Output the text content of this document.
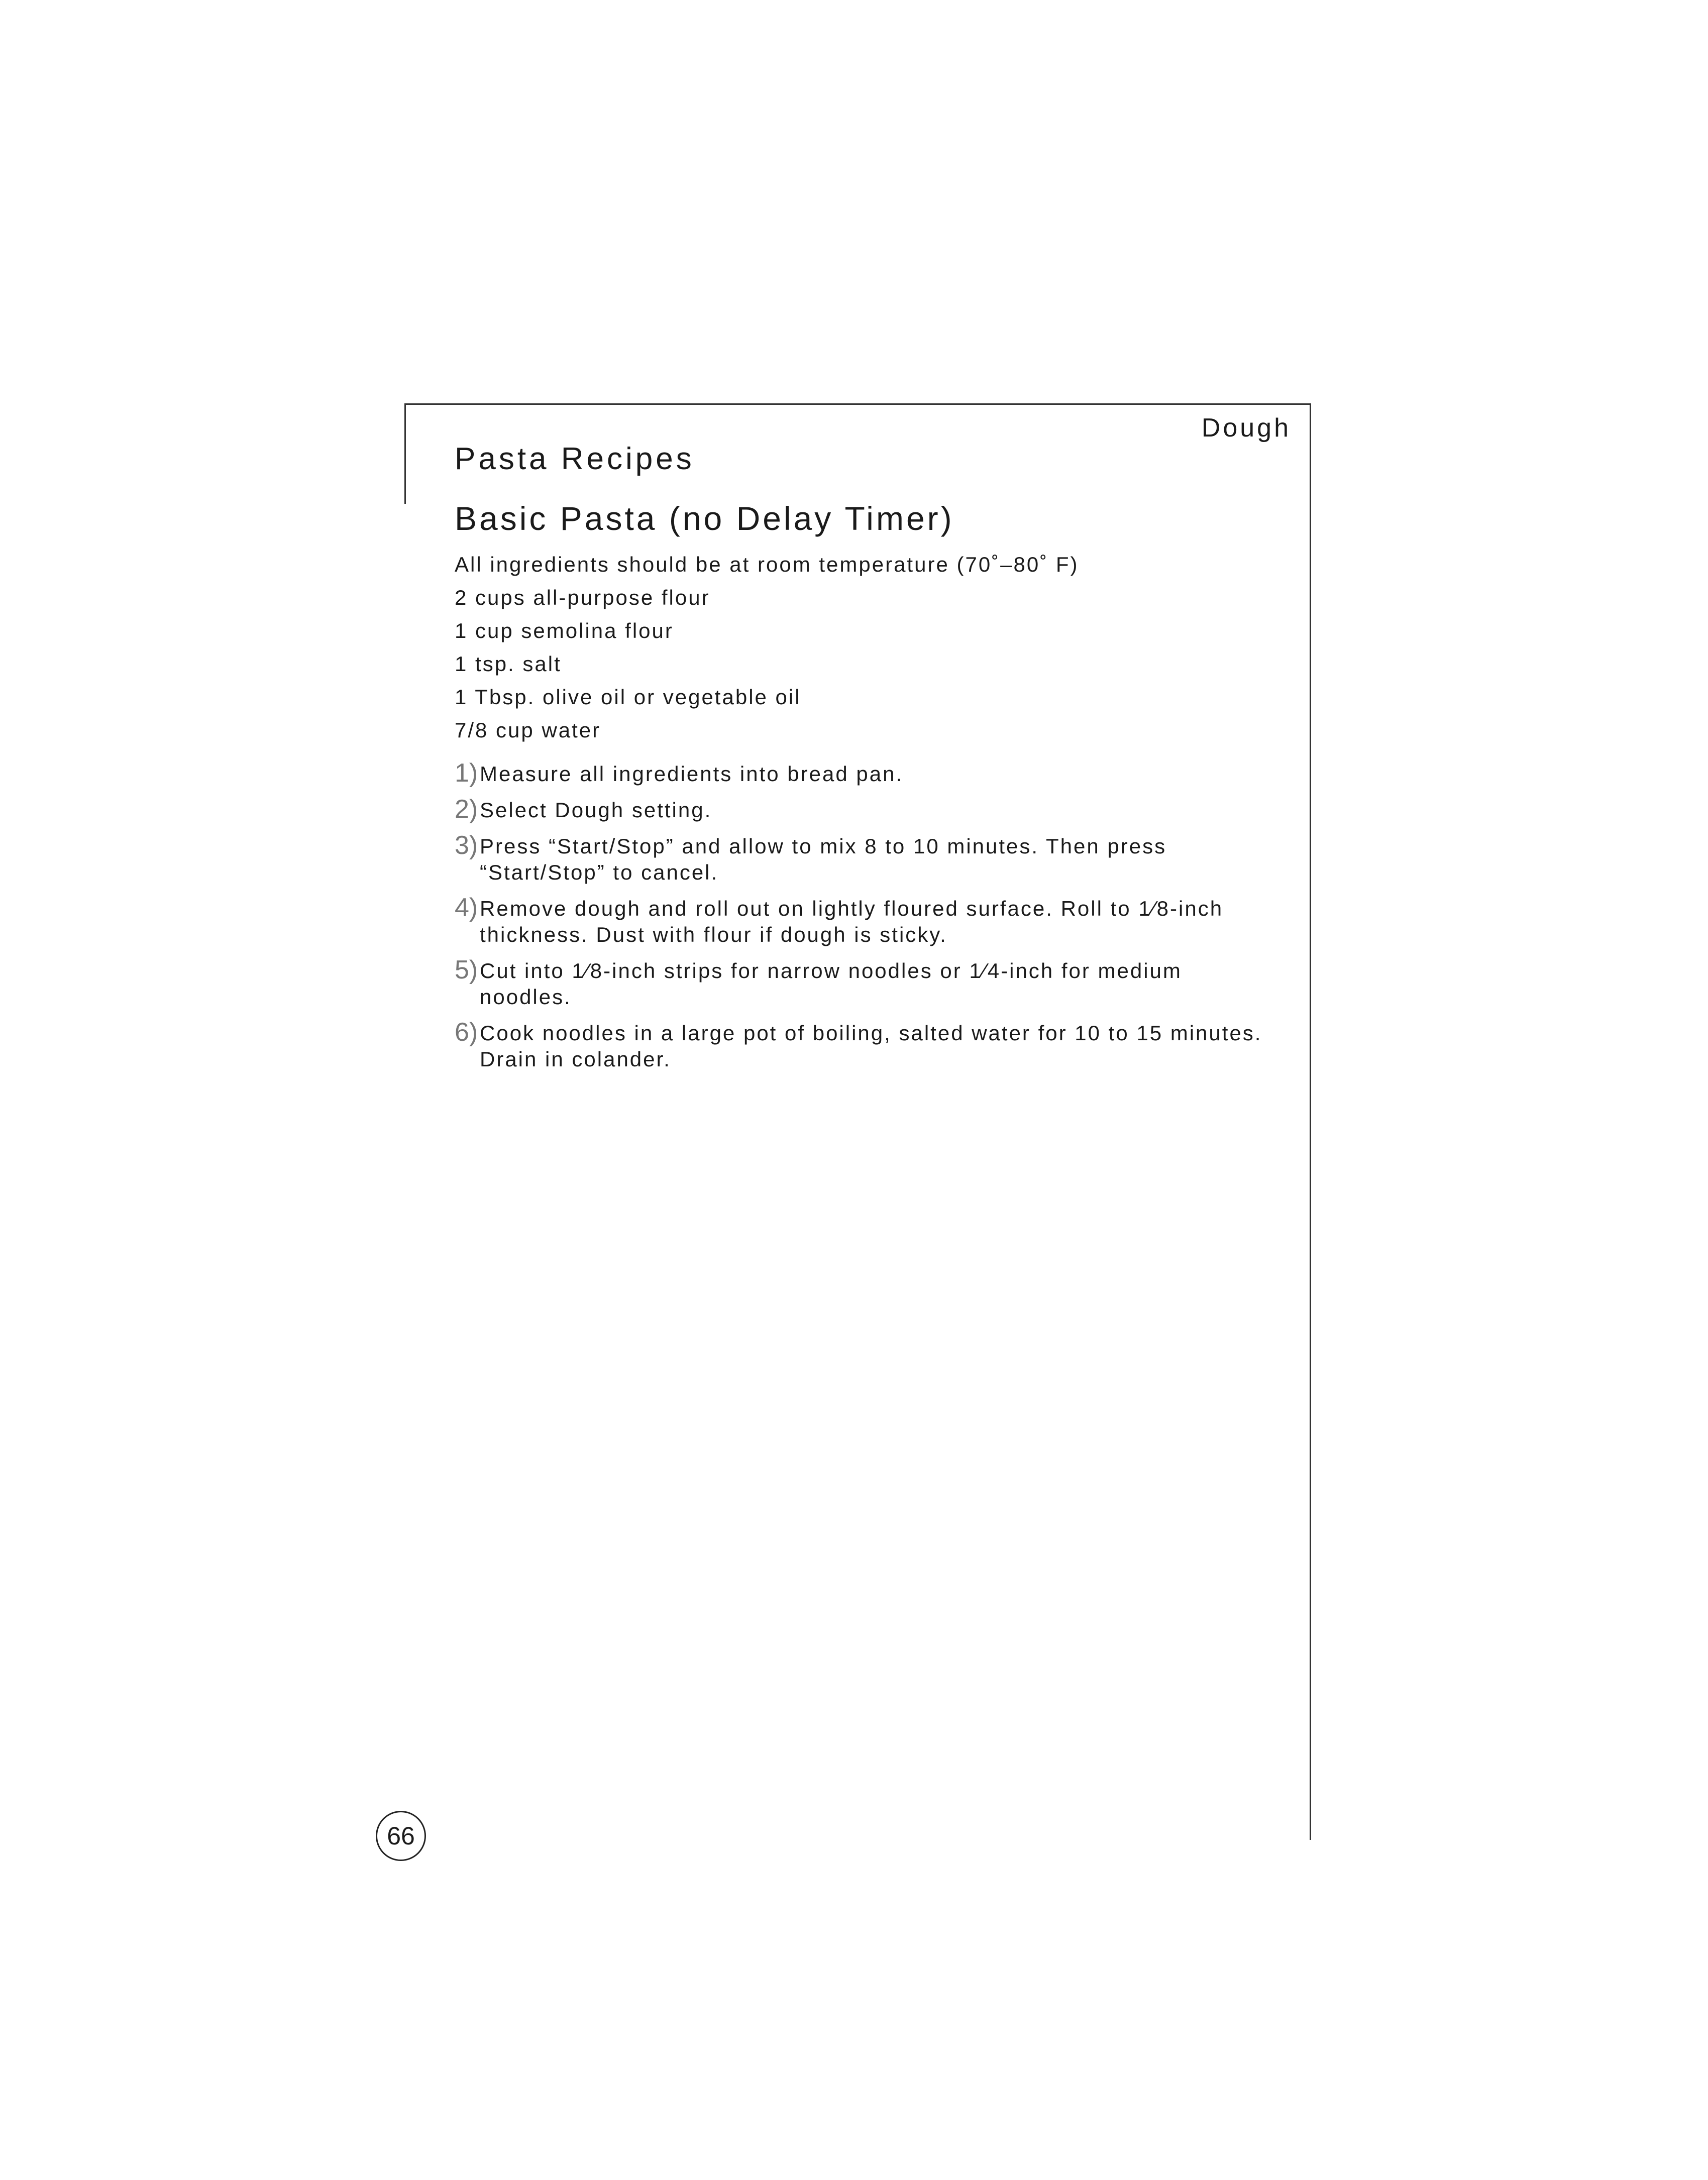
Dough
Pasta Recipes
Basic Pasta (no Delay Timer)

All ingredients should be at room temperature (70˚–80˚ F)

2 cups all-purpose flour
1 cup semolina flour
1 tsp. salt
1 Tbsp. olive oil or vegetable oil
7/8 cup water
1) Measure all ingredients into bread pan.
2) Select Dough setting.
3) Press “Start/Stop” and allow to mix 8 to 10 minutes. Then press “Start/Stop” to cancel.
4) Remove dough and roll out on lightly floured surface. Roll to 1⁄8-inch thickness. Dust with flour if dough is sticky.
5) Cut into 1⁄8-inch strips for narrow noodles or 1⁄4-inch for medium noodles.
6) Cook noodles in a large pot of boiling, salted water for 10 to 15 minutes. Drain in colander.
66
